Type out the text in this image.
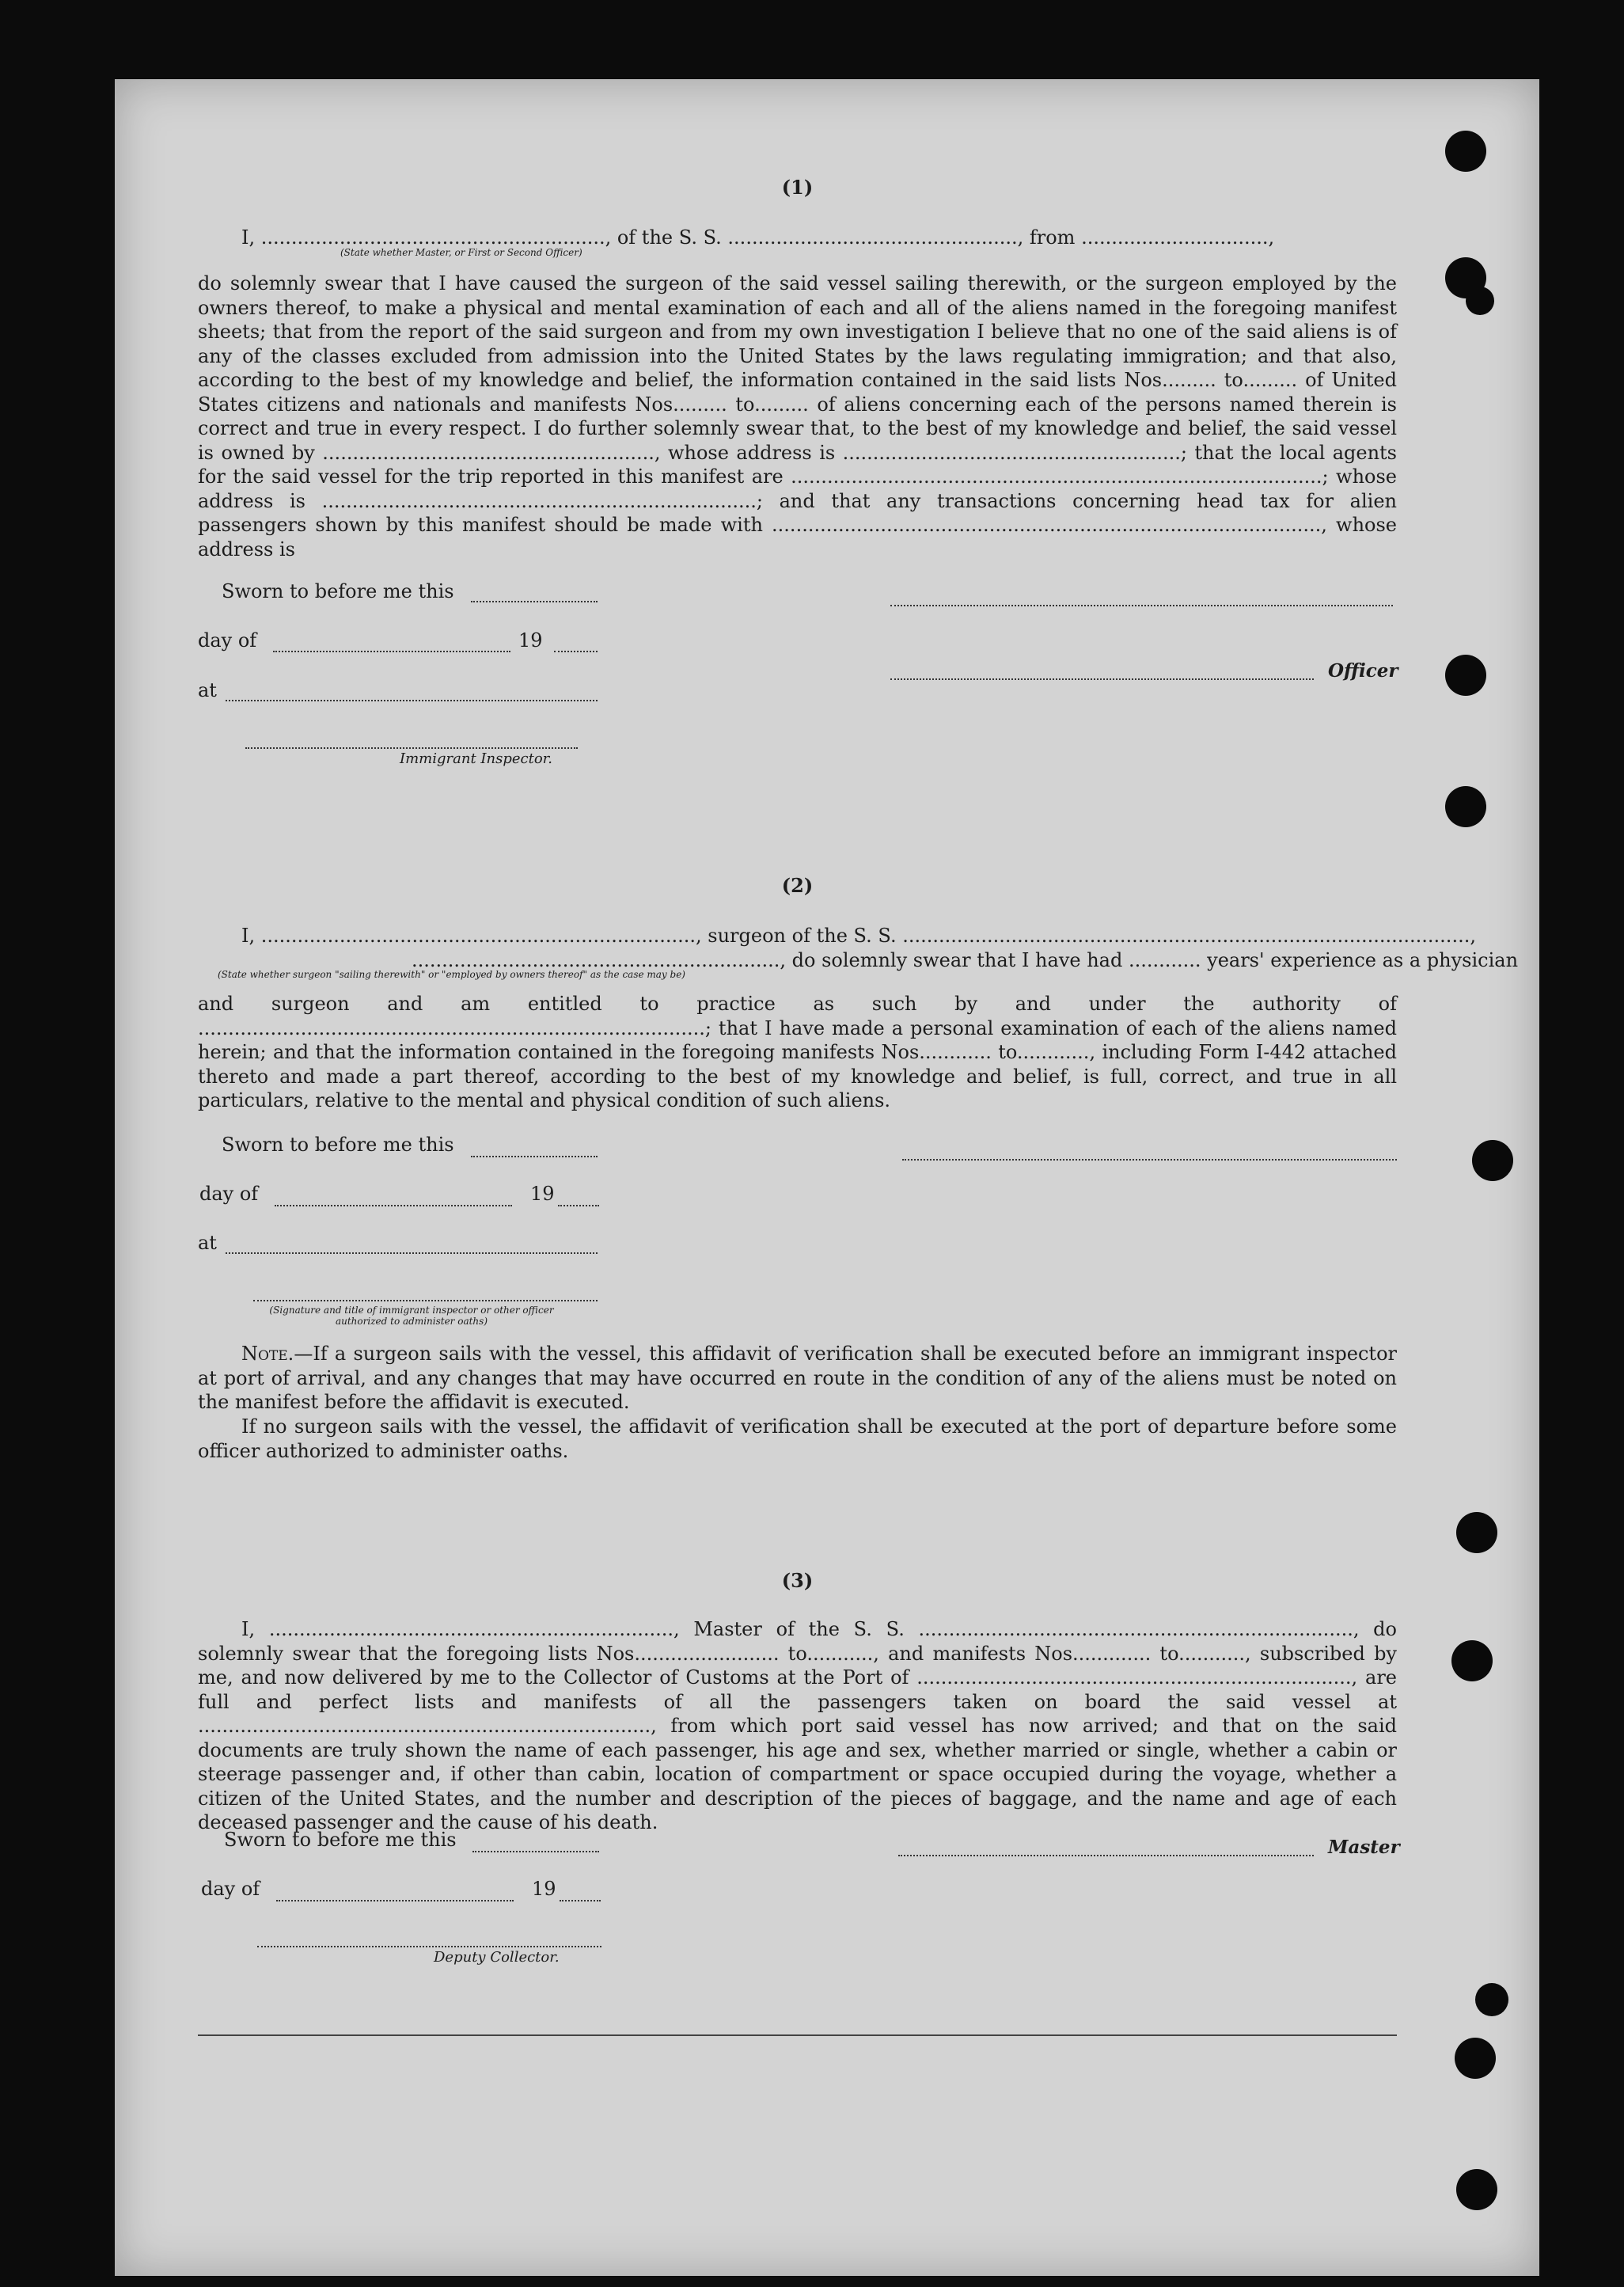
(1)
I, ........................................................., of the S. S. ................................................, from ...............................,
(State whether Master, or First or Second Officer)
do solemnly swear that I have caused the surgeon of the said vessel sailing therewith, or the surgeon employed by the owners thereof, to make a physical and mental examination of each and all of the aliens named in the foregoing manifest sheets; that from the report of the said surgeon and from my own investigation I believe that no one of the said aliens is of any of the classes excluded from admission into the United States by the laws regulating immigration; and that also, according to the best of my knowledge and belief, the information contained in the said lists Nos......... to......... of United States citizens and nationals and manifests Nos......... to......... of aliens concerning each of the persons named therein is correct and true in every respect. I do further solemnly swear that, to the best of my knowledge and belief, the said vessel is owned by ......................................................., whose address is ........................................................; that the local agents for the said vessel for the trip reported in this manifest are ........................................................................................; whose address is ........................................................................; and that any transactions concerning head tax for alien passengers shown by this manifest should be made with ..........................................................................................., whose address is
Sworn to before me this
day of	19
at
Immigrant Inspector.
Officer
(2)
I, ........................................................................, surgeon of the S. S. ..............................................................................................,
............................................................., do solemnly swear that I have had ............ years' experience as a physician
(State whether surgeon "sailing therewith" or "employed by owners thereof" as the case may be)
and surgeon and am entitled to practice as such by and under the authority of ....................................................................................; that I have made a personal examination of each of the aliens named herein; and that the information contained in the foregoing manifests Nos............ to............, including Form I-442 attached thereto and made a part thereof, according to the best of my knowledge and belief, is full, correct, and true in all particulars, relative to the mental and physical condition of such aliens.
Sworn to before me this
day of	19
at
(Signature and title of immigrant inspector or other officer authorized to administer oaths)
Note.—If a surgeon sails with the vessel, this affidavit of verification shall be executed before an immigrant inspector at port of arrival, and any changes that may have occurred en route in the condition of any of the aliens must be noted on the manifest before the affidavit is executed.
If no surgeon sails with the vessel, the affidavit of verification shall be executed at the port of departure before some officer authorized to administer oaths.
(3)
I, ..................................................................., Master of the S. S. ........................................................................, do solemnly swear that the foregoing lists Nos........................ to..........., and manifests Nos............. to..........., subscribed by me, and now delivered by me to the Collector of Customs at the Port of ........................................................................, are full and perfect lists and manifests of all the passengers taken on board the said vessel at ..........................................................................., from which port said vessel has now arrived; and that on the said documents are truly shown the name of each passenger, his age and sex, whether married or single, whether a cabin or steerage passenger and, if other than cabin, location of compartment or space occupied during the voyage, whether a citizen of the United States, and the number and description of the pieces of baggage, and the name and age of each deceased passenger and the cause of his death.
Sworn to before me this
day of	19
Deputy Collector.
Master
